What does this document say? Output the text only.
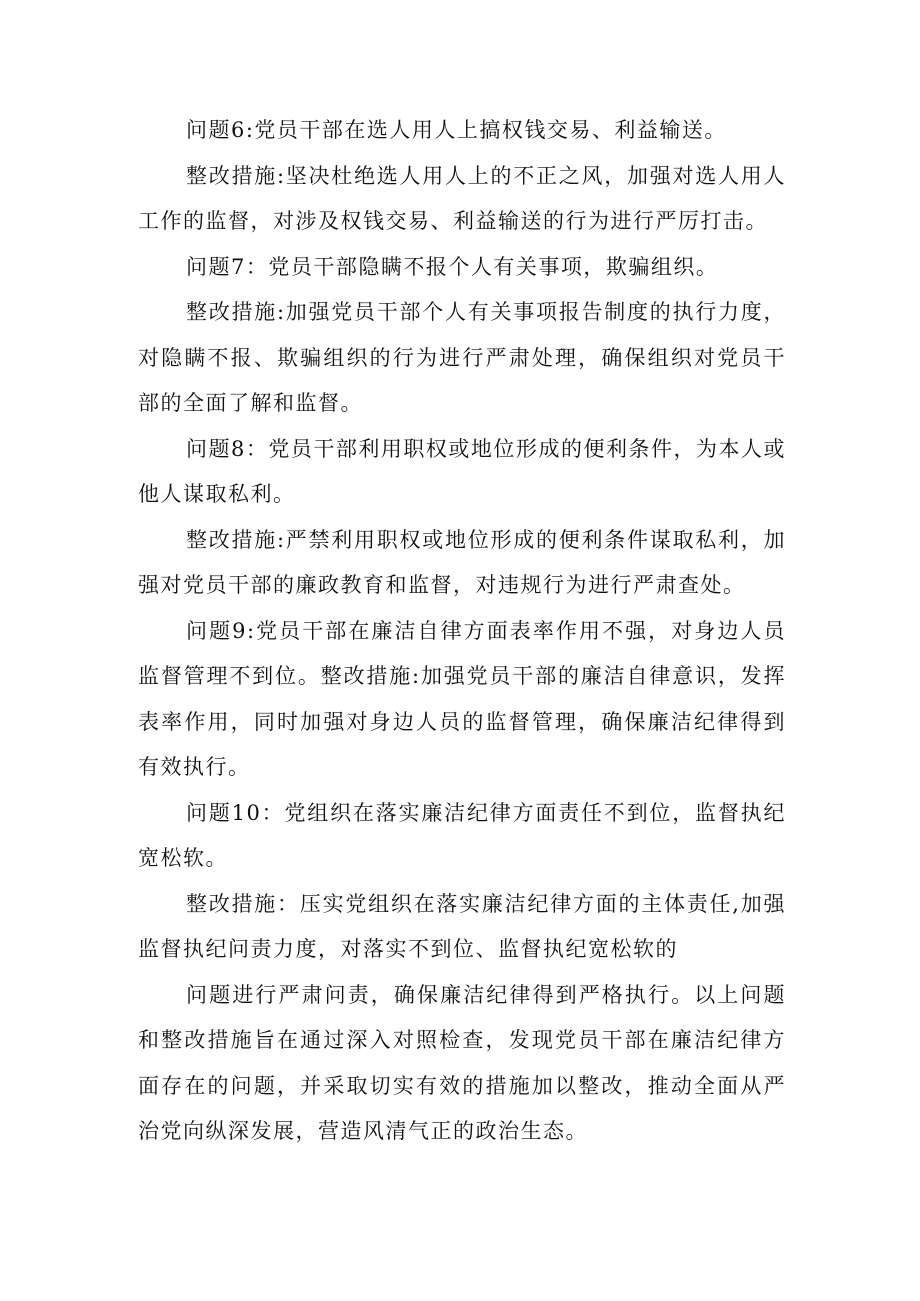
问题6:党员干部在选人用人上搞权钱交易、利益输送。

整改措施:坚决杜绝选人用人上的不正之风，加强对选人用人工作的监督，对涉及权钱交易、利益输送的行为进行严厉打击。

问题7：党员干部隐瞒不报个人有关事项，欺骗组织。

整改措施:加强党员干部个人有关事项报告制度的执行力度，对隐瞒不报、欺骗组织的行为进行严肃处理，确保组织对党员干部的全面了解和监督。

问题8：党员干部利用职权或地位形成的便利条件，为本人或他人谋取私利。

整改措施:严禁利用职权或地位形成的便利条件谋取私利，加强对党员干部的廉政教育和监督，对违规行为进行严肃查处。

问题9:党员干部在廉洁自律方面表率作用不强，对身边人员监督管理不到位。整改措施:加强党员干部的廉洁自律意识，发挥表率作用，同时加强对身边人员的监督管理，确保廉洁纪律得到有效执行。

问题10：党组织在落实廉洁纪律方面责任不到位，监督执纪宽松软。

整改措施：压实党组织在落实廉洁纪律方面的主体责任,加强监督执纪问责力度，对落实不到位、监督执纪宽松软的

问题进行严肃问责，确保廉洁纪律得到严格执行。以上问题和整改措施旨在通过深入对照检查，发现党员干部在廉洁纪律方面存在的问题，并采取切实有效的措施加以整改，推动全面从严治党向纵深发展，营造风清气正的政治生态。
